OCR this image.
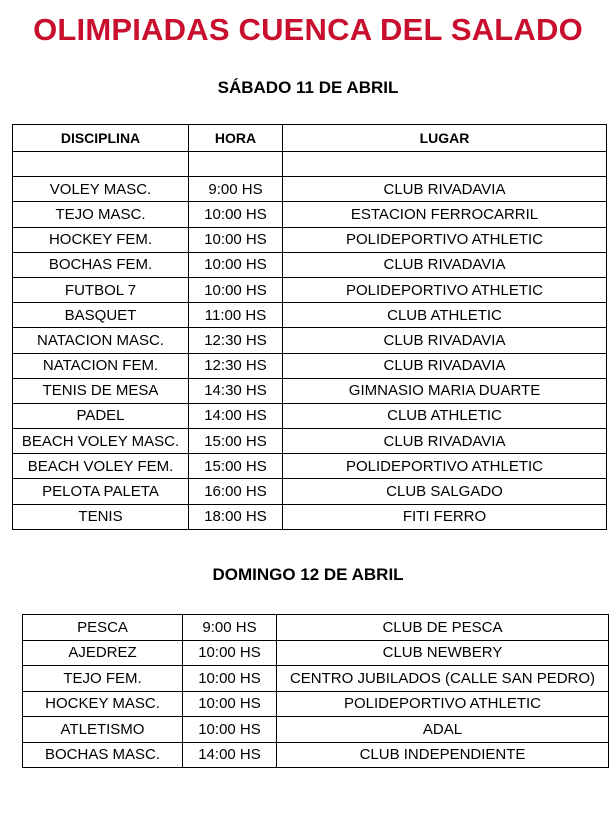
OLIMPIADAS CUENCA DEL SALADO
SÁBADO 11 DE ABRIL
DISCIPLINA	HORA	LUGAR

VOLEY MASC.	9:00 HS	CLUB RIVADAVIA
TEJO MASC.	10:00 HS	ESTACION FERROCARRIL
HOCKEY FEM.	10:00 HS	POLIDEPORTIVO ATHLETIC
BOCHAS FEM.	10:00 HS	CLUB RIVADAVIA
FUTBOL 7	10:00 HS	POLIDEPORTIVO ATHLETIC
BASQUET	11:00 HS	CLUB ATHLETIC
NATACION MASC.	12:30 HS	CLUB RIVADAVIA
NATACION FEM.	12:30 HS	CLUB RIVADAVIA
TENIS DE MESA	14:30 HS	GIMNASIO MARIA DUARTE
PADEL	14:00 HS	CLUB ATHLETIC
BEACH VOLEY MASC.	15:00 HS	CLUB RIVADAVIA
BEACH VOLEY FEM.	15:00 HS	POLIDEPORTIVO ATHLETIC
PELOTA PALETA	16:00 HS	CLUB SALGADO
TENIS	18:00 HS	FITI FERRO
DOMINGO 12 DE ABRIL
PESCA	9:00 HS	CLUB DE PESCA
AJEDREZ	10:00 HS	CLUB NEWBERY
TEJO FEM.	10:00 HS	CENTRO JUBILADOS (CALLE SAN PEDRO)
HOCKEY MASC.	10:00 HS	POLIDEPORTIVO ATHLETIC
ATLETISMO	10:00 HS	ADAL
BOCHAS MASC.	14:00 HS	CLUB INDEPENDIENTE
